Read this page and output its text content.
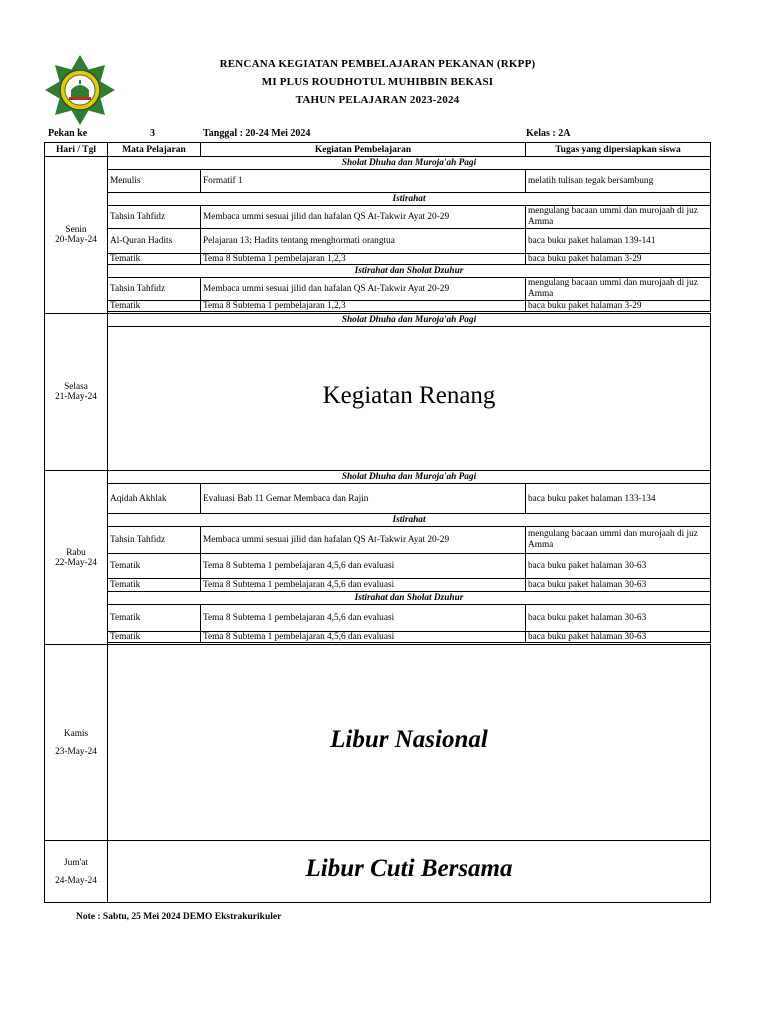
RENCANA KEGIATAN PEMBELAJARAN PEKANAN (RKPP)
MI PLUS ROUDHOTUL MUHIBBIN BEKASI
TAHUN PELAJARAN 2023-2024
Pekan ke	3	Tanggal : 20-24 Mei 2024	Kelas : 2A
Hari / Tgl	Mata Pelajaran	Kegiatan Pembelajaran	Tugas yang dipersiapkan siswa

Senin
20-May-24	Sholat Dhuha dan Muroja'ah Pagi		
	Menulis	Formatif 1	melatih tulisan tegak bersambung
	Istirahat		
	Tahsin Tahfidz	Membaca ummi sesuai jilid dan hafalan QS At-Takwir Ayat 20-29	mengulang bacaan ummi dan murojaah di juz Amma
	Al-Quran Hadits	Pelajaran 13: Hadits tentang menghormati orangtua	baca buku paket halaman 139-141
	Tematik	Tema 8 Subtema 1 pembelajaran 1,2,3	baca buku paket halaman 3-29
	Istirahat dan Sholat Dzuhur		
	Tahsin Tahfidz	Membaca ummi sesuai jilid dan hafalan QS At-Takwir Ayat 20-29	mengulang bacaan ummi dan murojaah di juz Amma
	Tematik	Tema 8 Subtema 1 pembelajaran 1,2,3	baca buku paket halaman 3-29

Selasa
21-May-24	Sholat Dhuha dan Muroja'ah Pagi		
	Kegiatan Renang		

Rabu
22-May-24	Sholat Dhuha dan Muroja'ah Pagi		
	Aqidah Akhlak	Evaluasi Bab 11 Gemar Membaca dan Rajin	baca buku paket halaman 133-134
	Istirahat		
	Tahsin Tahfidz	Membaca ummi sesuai jilid dan hafalan QS At-Takwir Ayat 20-29	mengulang bacaan ummi dan murojaah di juz Amma
	Tematik	Tema 8 Subtema 1 pembelajaran 4,5,6 dan evaluasi	baca buku paket halaman 30-63
	Tematik	Tema 8 Subtema 1 pembelajaran 4,5,6 dan evaluasi	baca buku paket halaman 30-63
	Istirahat dan Sholat Dzuhur		
	Tematik	Tema 8 Subtema 1 pembelajaran 4,5,6 dan evaluasi	baca buku paket halaman 30-63
	Tematik	Tema 8 Subtema 1 pembelajaran 4,5,6 dan evaluasi	baca buku paket halaman 30-63

Kamis
23-May-24	Libur Nasional		

Jum'at
24-May-24	Libur Cuti Bersama		
Note : Sabtu, 25 Mei 2024 DEMO Ekstrakurikuler
